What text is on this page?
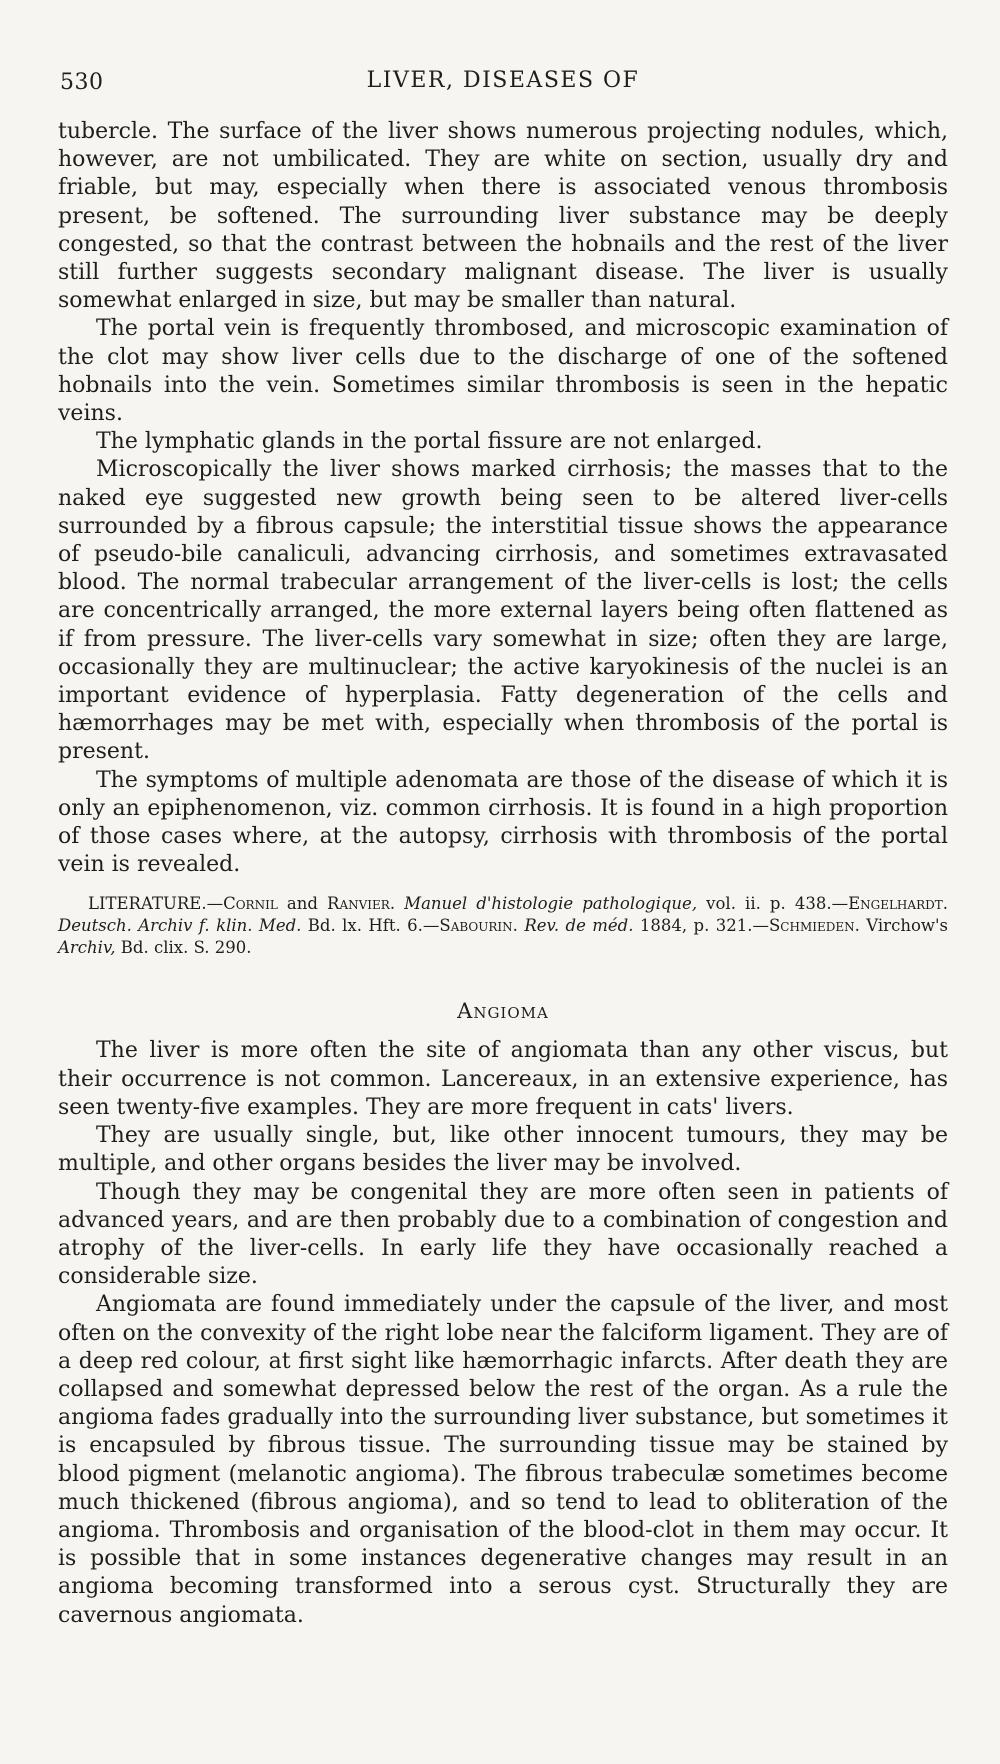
530	LIVER, DISEASES OF

tubercle. The surface of the liver shows numerous projecting nodules, which, however, are not umbilicated. They are white on section, usually dry and friable, but may, especially when there is associated venous thrombosis present, be softened. The surrounding liver substance may be deeply congested, so that the contrast between the hobnails and the rest of the liver still further suggests secondary malignant disease. The liver is usually somewhat enlarged in size, but may be smaller than natural.

The portal vein is frequently thrombosed, and microscopic examination of the clot may show liver cells due to the discharge of one of the softened hobnails into the vein. Sometimes similar thrombosis is seen in the hepatic veins.

The lymphatic glands in the portal fissure are not enlarged.

Microscopically the liver shows marked cirrhosis; the masses that to the naked eye suggested new growth being seen to be altered liver-cells surrounded by a fibrous capsule; the interstitial tissue shows the appearance of pseudo-bile canaliculi, advancing cirrhosis, and sometimes extravasated blood. The normal trabecular arrangement of the liver-cells is lost; the cells are concentrically arranged, the more external layers being often flattened as if from pressure. The liver-cells vary somewhat in size; often they are large, occasionally they are multinuclear; the active karyokinesis of the nuclei is an important evidence of hyperplasia. Fatty degeneration of the cells and hæmorrhages may be met with, especially when thrombosis of the portal is present.

The symptoms of multiple adenomata are those of the disease of which it is only an epiphenomenon, viz. common cirrhosis. It is found in a high proportion of those cases where, at the autopsy, cirrhosis with thrombosis of the portal vein is revealed.

LITERATURE.—Cornil and Ranvier. Manuel d'histologie pathologique, vol. ii. p. 438.—Engelhardt. Deutsch. Archiv f. klin. Med. Bd. lx. Hft. 6.—Sabourin. Rev. de méd. 1884, p. 321.—Schmieden. Virchow's Archiv, Bd. clix. S. 290.

Angioma

The liver is more often the site of angiomata than any other viscus, but their occurrence is not common. Lancereaux, in an extensive experience, has seen twenty-five examples. They are more frequent in cats' livers.

They are usually single, but, like other innocent tumours, they may be multiple, and other organs besides the liver may be involved.

Though they may be congenital they are more often seen in patients of advanced years, and are then probably due to a combination of congestion and atrophy of the liver-cells. In early life they have occasionally reached a considerable size.

Angiomata are found immediately under the capsule of the liver, and most often on the convexity of the right lobe near the falciform ligament. They are of a deep red colour, at first sight like hæmorrhagic infarcts. After death they are collapsed and somewhat depressed below the rest of the organ. As a rule the angioma fades gradually into the surrounding liver substance, but sometimes it is encapsuled by fibrous tissue. The surrounding tissue may be stained by blood pigment (melanotic angioma). The fibrous trabeculæ sometimes become much thickened (fibrous angioma), and so tend to lead to obliteration of the angioma. Thrombosis and organisation of the blood-clot in them may occur. It is possible that in some instances degenerative changes may result in an angioma becoming transformed into a serous cyst. Structurally they are cavernous angiomata.
